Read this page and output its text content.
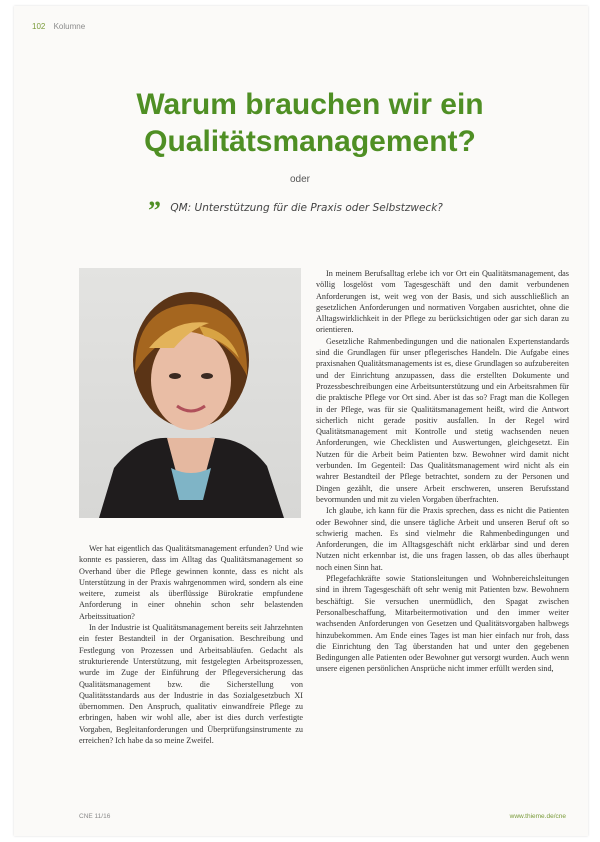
102 Kolumne
Warum brauchen wir ein Qualitätsmanagement?
oder
” QM: Unterstützung für die Praxis oder Selbstzweck?

Wer hat eigentlich das Qualitätsmanagement erfunden? Und wie konnte es passieren, dass im Alltag das Qualitätsmanagement so Overhand über die Pflege gewinnen konnte, dass es nicht als Unterstützung in der Praxis wahrgenommen wird, sondern als eine weitere, zumeist als überflüssige Bürokratie empfundene Anforderung in einer ohnehin schon sehr belastenden Arbeitssituation?

In der Industrie ist Qualitätsmanagement bereits seit Jahrzehnten ein fester Bestandteil in der Organisation. Beschreibung und Festlegung von Prozessen und Arbeitsabläufen. Gedacht als strukturierende Unterstützung, mit festgelegten Arbeitsprozessen, wurde im Zuge der Einführung der Pflegeversicherung das Qualitätsmanagement bzw. die Sicherstellung von Qualitätsstandards aus der Industrie in das Sozialgesetzbuch XI übernommen. Den Anspruch, qualitativ einwandfreie Pflege zu erbringen, haben wir wohl alle, aber ist dies durch verfestigte Vorgaben, Begleitanforderungen und Überprüfungsinstrumente zu erreichen? Ich habe da so meine Zweifel.

In meinem Berufsalltag erlebe ich vor Ort ein Qualitätsmanagement, das völlig losgelöst vom Tagesgeschäft und den damit verbundenen Anforderungen ist, weit weg von der Basis, und sich ausschließlich an gesetzlichen Anforderungen und normativen Vorgaben ausrichtet, ohne die Alltagswirklichkeit in der Pflege zu berücksichtigen oder gar sich daran zu orientieren.

Gesetzliche Rahmenbedingungen und die nationalen Expertenstandards sind die Grundlagen für unser pflegerisches Handeln. Die Aufgabe eines praxisnahen Qualitätsmanagements ist es, diese Grundlagen so aufzubereiten und der Einrichtung anzupassen, dass die erstellten Dokumente und Prozessbeschreibungen eine Arbeitsunterstützung und ein Arbeitsrahmen für die praktische Pflege vor Ort sind. Aber ist das so? Fragt man die Kollegen in der Pflege, was für sie Qualitätsmanagement heißt, wird die Antwort sicherlich nicht gerade positiv ausfallen. In der Regel wird Qualitätsmanagement mit Kontrolle und stetig wachsenden neuen Anforderungen, wie Checklisten und Auswertungen, gleichgesetzt. Ein Nutzen für die Arbeit beim Patienten bzw. Bewohner wird damit nicht verbunden. Im Gegenteil: Das Qualitätsmanagement wird nicht als ein wahrer Bestandteil der Pflege betrachtet, sondern zu der Personen und Dingen gezählt, die unsere Arbeit erschweren, unseren Berufsstand bevormunden und mit zu vielen Vorgaben überfrachten.

Ich glaube, ich kann für die Praxis sprechen, dass es nicht die Patienten oder Bewohner sind, die unsere tägliche Arbeit und unseren Beruf oft so schwierig machen. Es sind vielmehr die Rahmenbedingungen und Anforderungen, die im Alltagsgeschäft nicht erklärbar sind und deren Nutzen nicht erkennbar ist, die uns fragen lassen, ob das alles überhaupt noch einen Sinn hat.

Pflegefachkräfte sowie Stationsleitungen und Wohnbereichsleitungen sind in ihrem Tagesgeschäft oft sehr wenig mit Patienten bzw. Bewohnern beschäftigt. Sie versuchen unermüdlich, den Spagat zwischen Personalbeschaffung, Mitarbeitermotivation und den immer weiter wachsenden Anforderungen von Gesetzen und Qualitätsvorgaben halbwegs hinzubekommen. Am Ende eines Tages ist man hier einfach nur froh, dass die Einrichtung den Tag überstanden hat und unter den gegebenen Bedingungen alle Patienten oder Bewohner gut versorgt wurden. Auch wenn unsere eigenen persönlichen Ansprüche nicht immer erfüllt werden sind,

CNE 11/16	www.thieme.de/cne
